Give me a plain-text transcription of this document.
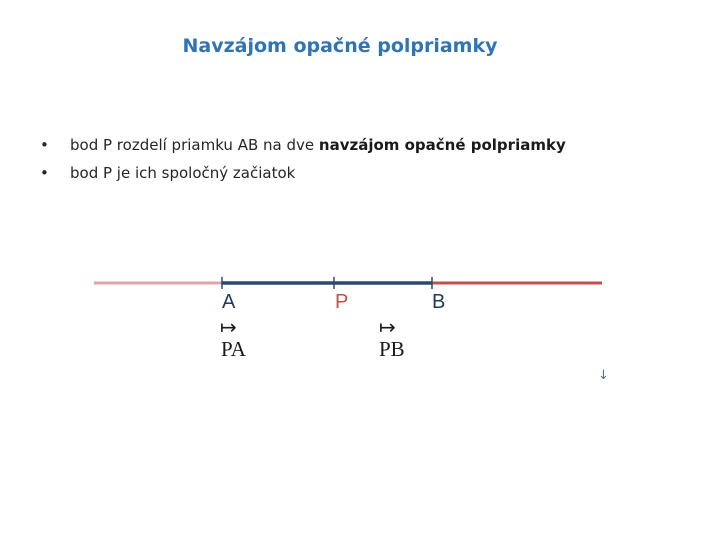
Navzájom opačné polpriamky
• bod P rozdelí priamku AB na dve navzájom opačné polpriamky
• bod P je ich spoločný začiatok
A	P	B
↦
PA
↦
PB
↓
